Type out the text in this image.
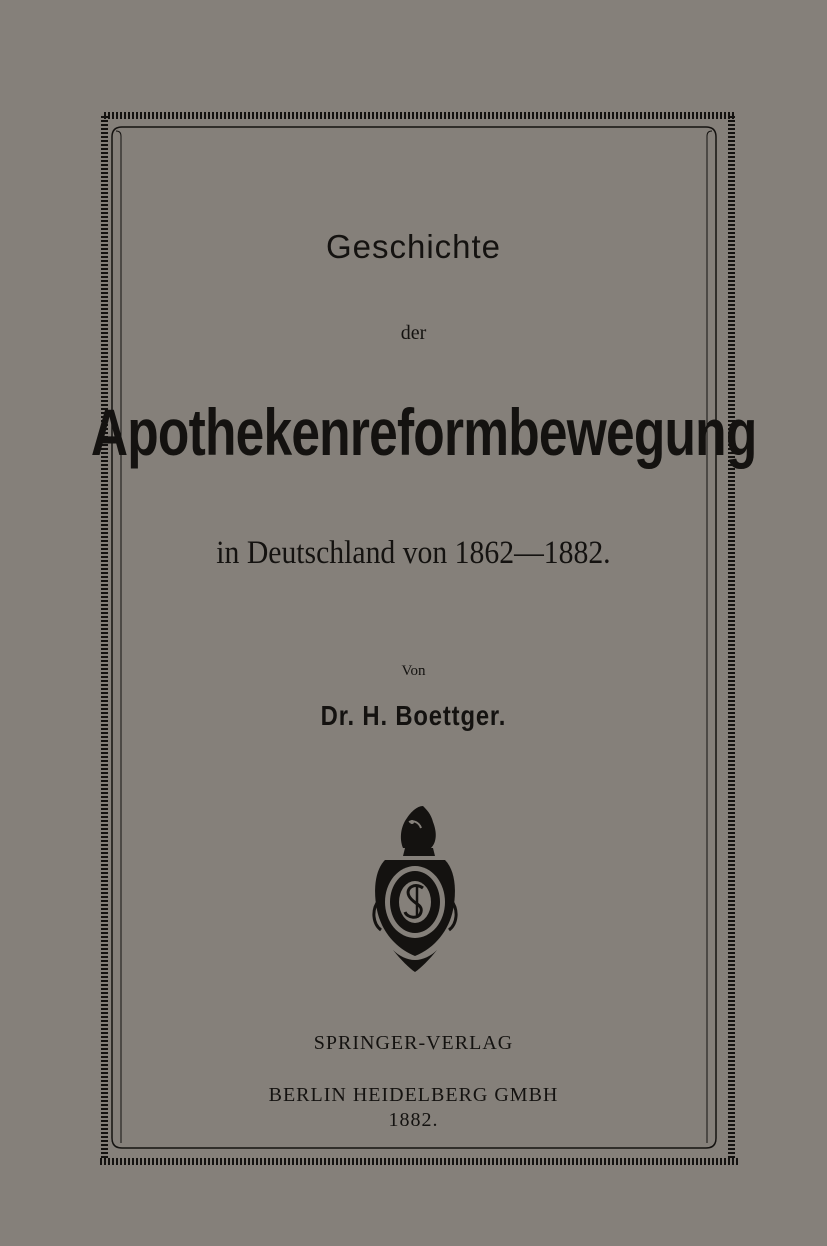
Geschichte

der

Apothekenreformbewegung

in Deutschland von 1862—1882.

Von

Dr. H. Boettger.

SPRINGER-VERLAG

BERLIN HEIDELBERG GMBH

1882.
